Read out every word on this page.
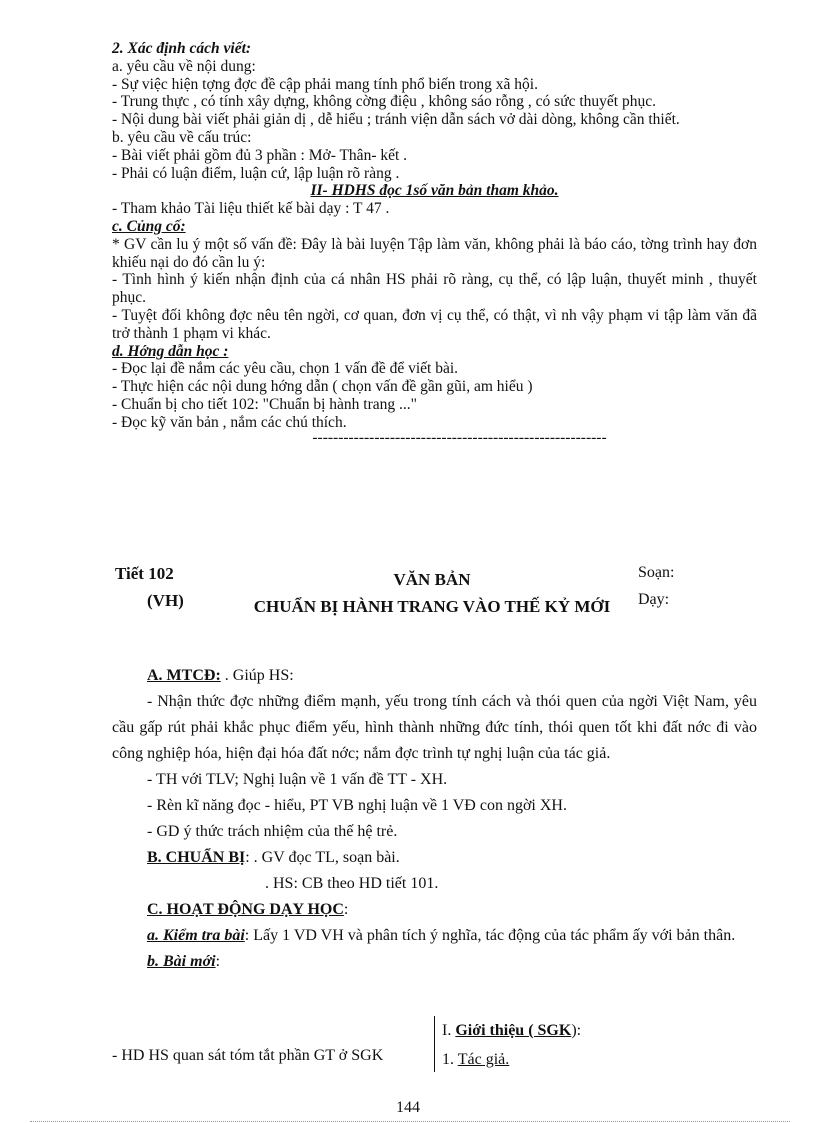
2. Xác định cách viết:

a. yêu cầu về nội dung:

- Sự việc hiện tợng đợc đề cập phải mang tính phổ biến trong xã hội.

- Trung thực , có tính xây dựng, không cờng điệu , không sáo rỗng , có sức thuyết phục.

- Nội dung bài viết phải giản dị , dễ hiểu ; tránh viện dẫn sách vở dài dòng, không cần thiết.

b. yêu cầu về cấu trúc:

- Bài viết phải gồm đủ 3 phần : Mở- Thân- kết .

- Phải có luận điểm, luận cứ, lập luận rõ ràng .

II- HDHS đọc 1số văn bản tham khảo.

- Tham khảo Tài liệu thiết kế bài dạy : T 47 .

c. Củng cố:

* GV cần lu ý một số vấn đề: Đây là bài luyện Tập làm văn, không phải là báo cáo, tờng trình hay đơn khiếu nại do đó cần lu ý:

- Tình hình ý kiến nhận định của cá nhân HS phải rõ ràng, cụ thể, có lập luận, thuyết minh , thuyết phục.

- Tuyệt đối không đợc nêu tên ngời, cơ quan, đơn vị cụ thể, có thật, vì nh vậy phạm vi tập làm văn đã trở thành 1 phạm vi khác.

d. Hớng dẫn học :

- Đọc lại đề nắm các yêu cầu, chọn 1 vấn đề để viết bài.

- Thực hiện các nội dung hớng dẫn ( chọn vấn đề gần gũi, am hiểu )

- Chuẩn bị cho tiết 102: "Chuẩn bị hành trang ..."

- Đọc kỹ văn bản , nắm các chú thích.

---------------------------------------------------------

Tiết 102
(VH)
VĂN BẢN
CHUẨN BỊ HÀNH TRANG VÀO THẾ KỶ MỚI
Soạn:
Dạy:

A. MTCĐ: . Giúp HS:

- Nhận thức đợc những điểm mạnh, yếu trong tính cách và thói quen của ngời Việt Nam, yêu cầu gấp rút phải khắc phục điểm yếu, hình thành những đức tính, thói quen tốt khi đất nớc đi vào công nghiệp hóa, hiện đại hóa đất nớc; nắm đợc trình tự nghị luận của tác giả.

- TH với TLV; Nghị luận về 1 vấn đề TT - XH.

- Rèn kĩ năng đọc - hiểu, PT VB nghị luận về 1 VĐ con ngời XH.

- GD ý thức trách nhiệm của thế hệ trẻ.

B. CHUẨN BỊ: . GV đọc TL, soạn bài.

. HS: CB theo HD tiết 101.

C. HOẠT ĐỘNG DẠY HỌC:

a. Kiểm tra bài: Lấy 1 VD VH và phân tích ý nghĩa, tác động của tác phẩm ấy với bản thân.

b. Bài mới:

- HD HS quan sát tóm tắt phần GT ở SGK
I. Giới thiệu ( SGK):
1. Tác giả.
144
